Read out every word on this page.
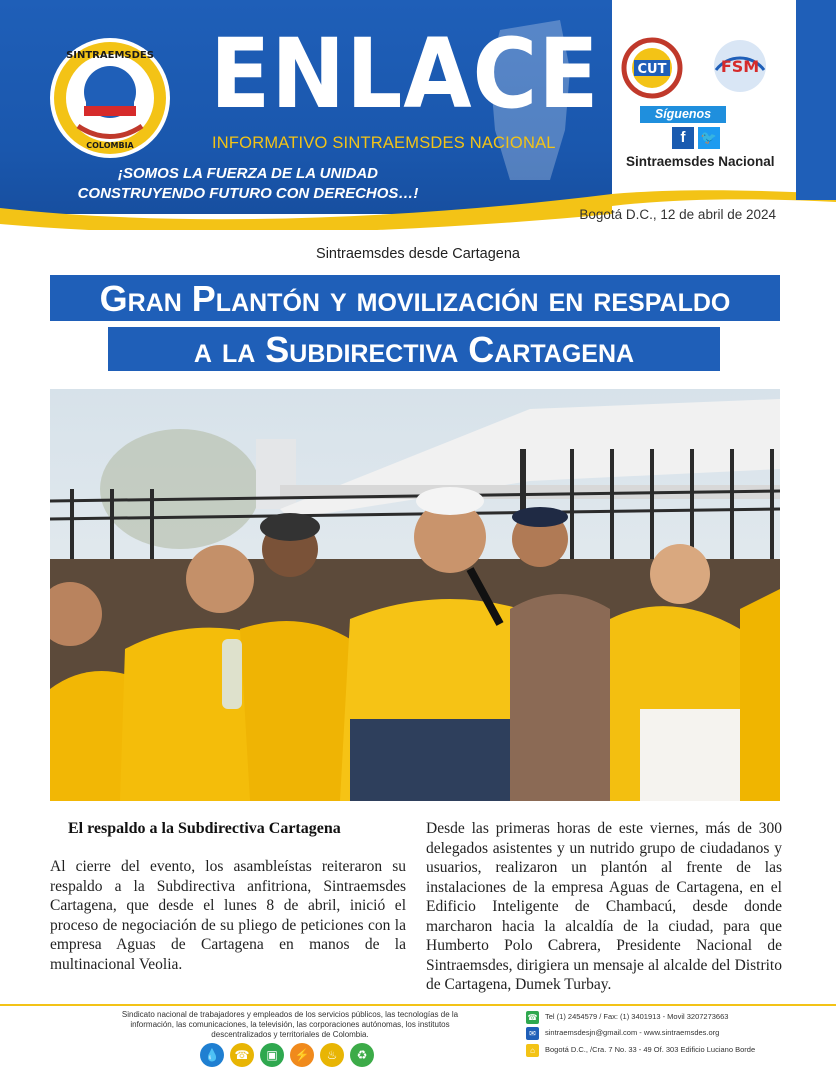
SINTRAEMSDES
COLOMBIA
ENLACE
INFORMATIVO SINTRAEMSDES NACIONAL
¡SOMOS LA FUERZA DE LA UNIDAD
CONSTRUYENDO FUTURO CON DERECHOS…!
CUT	FSM
Síguenos
f	🐦
Sintraemsdes Nacional
Bogotá D.C., 12 de abril de 2024
Sintraemsdes desde Cartagena
Gran Plantón y movilización en respaldo
a la Subdirectiva Cartagena
El respaldo a la Subdirectiva Cartagena
Al cierre del evento, los asambleístas reiteraron su respaldo a la Subdirectiva anfitriona, Sintraemsdes Cartagena, que desde el lunes 8 de abril, inició el proceso de negociación de su pliego de peticiones con la empresa Aguas de Cartagena en manos de la multinacional Veolia.
Desde las primeras horas de este viernes, más de 300 delegados asistentes y un nutrido grupo de ciudadanos y usuarios, realizaron un plantón al frente de las instalaciones de la empresa Aguas de Cartagena, en el Edificio Inteligente de Chambacú, desde donde marcharon hacia la alcaldía de la ciudad, para que Humberto Polo Cabrera, Presidente Nacional de Sintraemsdes, dirigiera un mensaje al alcalde del Distrito de Cartagena, Dumek Turbay.
Sindicato nacional de trabajadores y empleados de los servicios públicos, las tecnologías de la información, las comunicaciones, la televisión, las corporaciones autónomas, los institutos descentralizados y territoriales de Colombia.
💧	☎	▣	⚡	♨	♻
☎ Tel (1) 2454579 / Fax: (1) 3401913 - Movil 3207273663
✉ sintraemsdesjn@gmail.com - www.sintraemsdes.org
⌂ Bogotá D.C., /Cra. 7 No. 33 - 49 Of. 303 Edificio Luciano Borde
